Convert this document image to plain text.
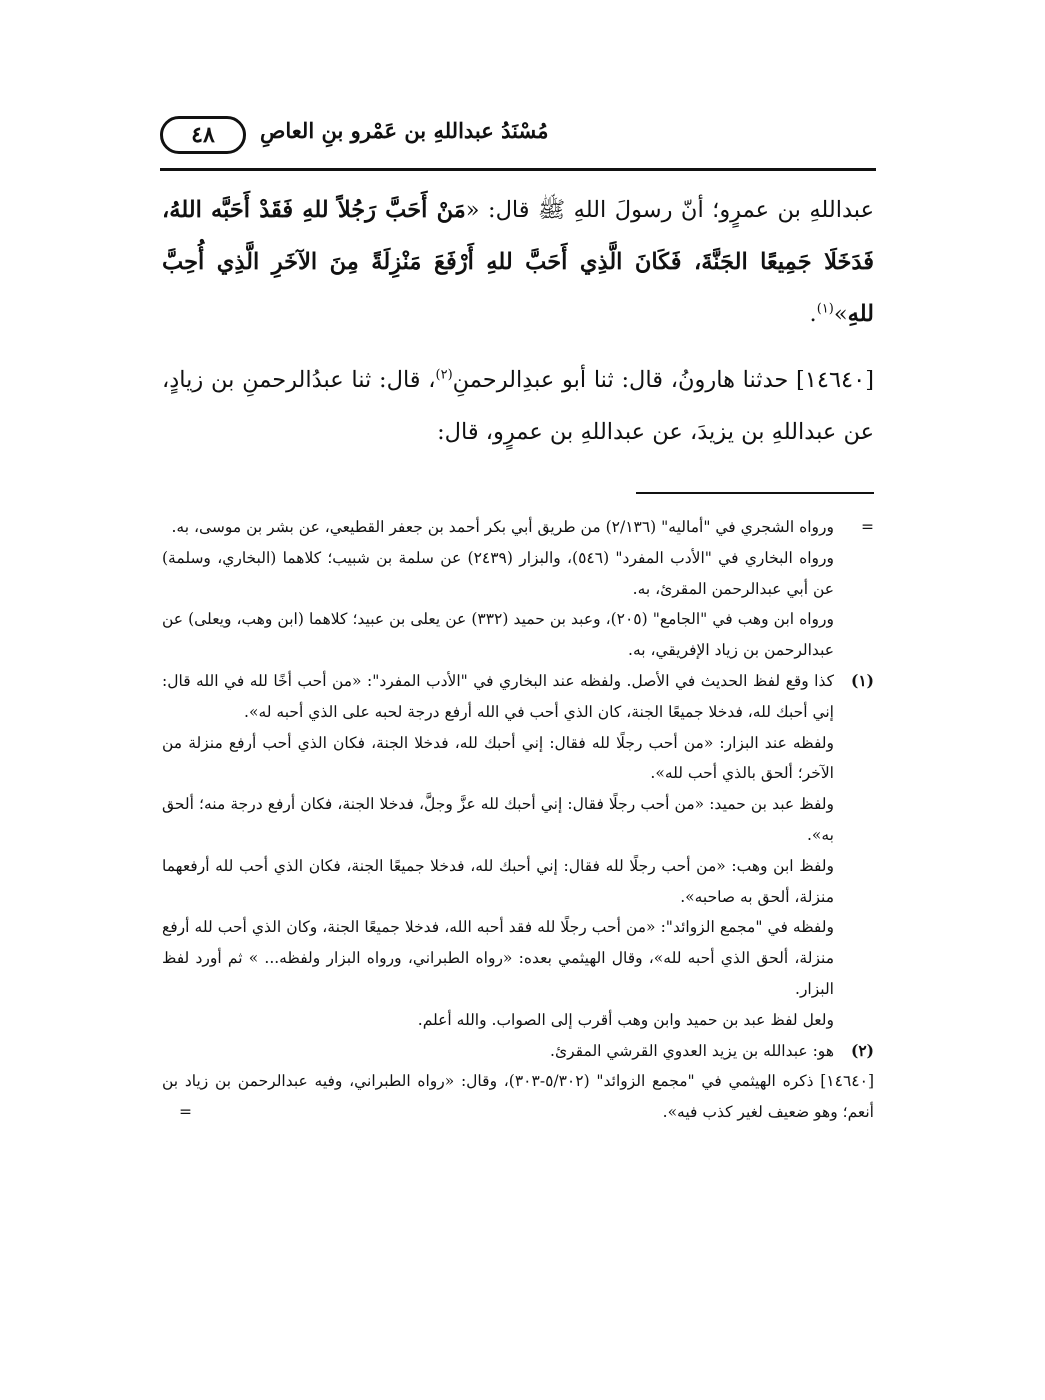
٤٨	مُسْنَدُ عبداللهِ بن عَمْرو بنِ العاصِ

عبداللهِ بن عمرٍو؛ أنّ رسولَ اللهِ ﷺ قال: «مَنْ أَحَبَّ رَجُلاً للهِ فَقَدْ أَحَبَّه اللهُ، فَدَخَلَا جَمِيعًا الجَنَّةَ، فَكَانَ الَّذِي أَحَبَّ للهِ أَرْفَعَ مَنْزِلَةً مِنَ الآخَرِ الَّذِي أُحِبَّ للهِ»$^{(١)}$.

[١٤٦٤٠] حدثنا هارونُ، قال: ثنا أبو عبدِالرحمنِ$^{(٢)}$، قال: ثنا عبدُالرحمنِ بن زيادٍ، عن عبداللهِ بن يزيدَ، عن عبداللهِ بن عمرٍو، قال:

=

ورواه الشجري في "أماليه" (٢/١٣٦) من طريق أبي بكر أحمد بن جعفر القطيعي، عن بشر بن موسى، به.

ورواه البخاري في "الأدب المفرد" (٥٤٦)، والبزار (٢٤٣٩) عن سلمة بن شبيب؛ كلاهما (البخاري، وسلمة) عن أبي عبدالرحمن المقرئ، به.

ورواه ابن وهب في "الجامع" (٢٠٥)، وعبد بن حميد (٣٣٢) عن يعلى بن عبيد؛ كلاهما (ابن وهب، ويعلى) عن عبدالرحمن بن زياد الإفريقي، به.

(١)

كذا وقع لفظ الحديث في الأصل. ولفظه عند البخاري في "الأدب المفرد": «من أحب أخًا لله في الله قال: إني أحبك لله، فدخلا جميعًا الجنة، كان الذي أحب في الله أرفع درجة لحبه على الذي أحبه له».

ولفظه عند البزار: «من أحب رجلًا لله فقال: إني أحبك لله، فدخلا الجنة، فكان الذي أحب أرفع منزلة من الآخر؛ ألحق بالذي أحب لله».

ولفظ عبد بن حميد: «من أحب رجلًا فقال: إني أحبك لله عزَّ وجلَّ، فدخلا الجنة، فكان أرفع درجة منه؛ ألحق به».

ولفظ ابن وهب: «من أحب رجلًا لله فقال: إني أحبك لله، فدخلا جميعًا الجنة، فكان الذي أحب لله أرفعهما منزلة، ألحق به صاحبه».

ولفظه في "مجمع الزوائد": «من أحب رجلًا لله فقد أحبه الله، فدخلا جميعًا الجنة، وكان الذي أحب لله أرفع منزلة، ألحق الذي أحبه لله»، وقال الهيثمي بعده: «رواه الطبراني، ورواه البزار ولفظه... » ثم أورد لفظ البزار.

ولعل لفظ عبد بن حميد وابن وهب أقرب إلى الصواب. والله أعلم.

(٢)

هو: عبدالله بن يزيد العدوي القرشي المقرئ.

[١٤٦٤٠] ذكره الهيثمي في "مجمع الزوائد" (٥/٣٠٢-٣٠٣)، وقال: «رواه الطبراني، وفيه عبدالرحمن بن زياد بن أنعم؛ وهو ضعيف لغير كذب فيه».
=
